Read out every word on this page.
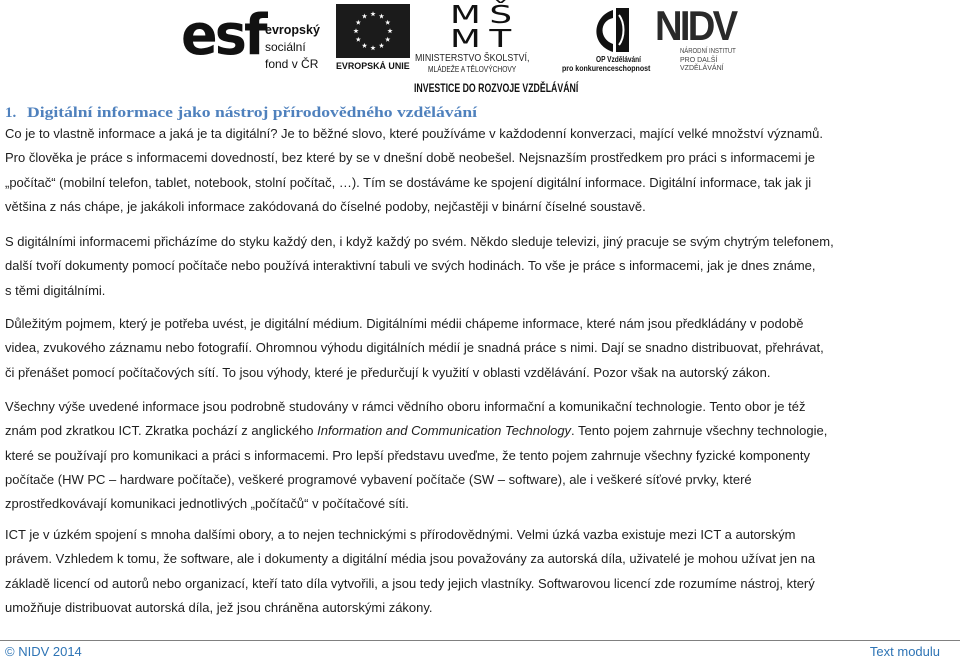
esf evropský
sociální
fond v ČR	EVROPSKÁ UNIE
MŠ
MT
MINISTERSTVO ŠKOLSTVÍ,
MLÁDEŽE A TĚLOVÝCHOVY
OP Vzdělávání
pro konkurenceschopnost
NIDV
NÁRODNÍ INSTITUT
PRO DALŠÍ
VZDĚLÁVÁNÍ
INVESTICE DO ROZVOJE VZDĚLÁVÁNÍ
1. Digitální informace jako nástroj přírodovědného vzdělávání
Co je to vlastně informace a jaká je ta digitální? Je to běžné slovo, které používáme v každodenní konverzaci, mající velké množství významů.
Pro člověka je práce s informacemi dovedností, bez které by se v dnešní době neobešel. Nejsnazším prostředkem pro práci s informacemi je
„počítač“ (mobilní telefon, tablet, notebook, stolní počítač, …). Tím se dostáváme ke spojení digitální informace. Digitální informace, tak jak ji
většina z nás chápe, je jakákoli informace zakódovaná do číselné podoby, nejčastěji v binární číselné soustavě.
S digitálními informacemi přicházíme do styku každý den, i když každý po svém. Někdo sleduje televizi, jiný pracuje se svým chytrým telefonem,
další tvoří dokumenty pomocí počítače nebo používá interaktivní tabuli ve svých hodinách. To vše je práce s informacemi, jak je dnes známe,
s těmi digitálními.
Důležitým pojmem, který je potřeba uvést, je digitální médium. Digitálními médii chápeme informace, které nám jsou předkládány v podobě
videa, zvukového záznamu nebo fotografií. Ohromnou výhodu digitálních médií je snadná práce s nimi. Dají se snadno distribuovat, přehrávat,
či přenášet pomocí počítačových sítí. To jsou výhody, které je předurčují k využití v oblasti vzdělávání. Pozor však na autorský zákon.
Všechny výše uvedené informace jsou podrobně studovány v rámci vědního oboru informační a komunikační technologie. Tento obor je též
znám pod zkratkou ICT. Zkratka pochází z anglického Information and Communication Technology. Tento pojem zahrnuje všechny technologie,
které se používají pro komunikaci a práci s informacemi. Pro lepší představu uveďme, že tento pojem zahrnuje všechny fyzické komponenty
počítače (HW PC – hardware počítače), veškeré programové vybavení počítače (SW – software), ale i veškeré síťové prvky, které
zprostředkovávají komunikaci jednotlivých „počítačů“ v počítačové síti.
ICT je v úzkém spojení s mnoha dalšími obory, a to nejen technickými s přírodovědnými. Velmi úzká vazba existuje mezi ICT a autorským
právem. Vzhledem k tomu, že software, ale i dokumenty a digitální média jsou považovány za autorská díla, uživatelé je mohou užívat jen na
základě licencí od autorů nebo organizací, kteří tato díla vytvořili, a jsou tedy jejich vlastníky. Softwarovou licencí zde rozumíme nástroj, který
umožňuje distribuovat autorská díla, jež jsou chráněna autorskými zákony.
© NIDV 2014	Text modulu
